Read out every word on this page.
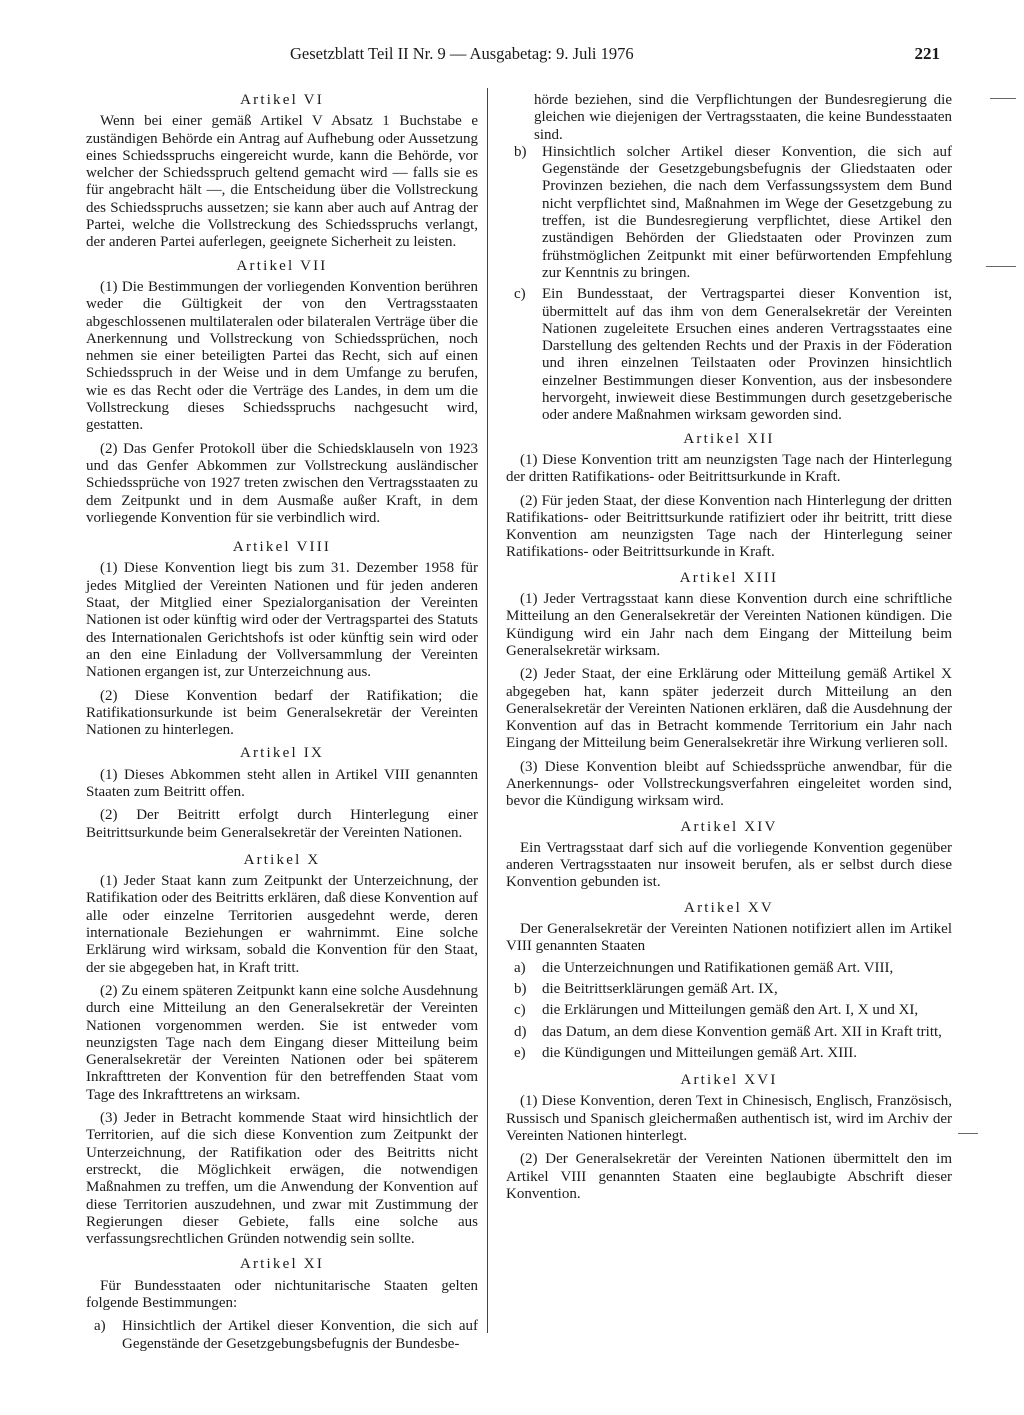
Gesetzblatt Teil II Nr. 9 — Ausgabetag: 9. Juli 1976	221
Artikel VI

Wenn bei einer gemäß Artikel V Absatz 1 Buchstabe e zuständigen Behörde ein Antrag auf Aufhebung oder Aussetzung eines Schiedsspruchs eingereicht wurde, kann die Behörde, vor welcher der Schiedsspruch geltend gemacht wird — falls sie es für angebracht hält —, die Entscheidung über die Vollstreckung des Schiedsspruchs aussetzen; sie kann aber auch auf Antrag der Partei, welche die Vollstreckung des Schiedsspruchs verlangt, der anderen Partei auferlegen, geeignete Sicherheit zu leisten.

Artikel VII

(1) Die Bestimmungen der vorliegenden Konvention berühren weder die Gültigkeit der von den Vertragsstaaten abgeschlossenen multilateralen oder bilateralen Verträge über die Anerkennung und Vollstreckung von Schiedssprüchen, noch nehmen sie einer beteiligten Partei das Recht, sich auf einen Schiedsspruch in der Weise und in dem Umfange zu berufen, wie es das Recht oder die Verträge des Landes, in dem um die Vollstreckung dieses Schiedsspruchs nachgesucht wird, gestatten.

(2) Das Genfer Protokoll über die Schiedsklauseln von 1923 und das Genfer Abkommen zur Vollstreckung ausländischer Schiedssprüche von 1927 treten zwischen den Vertragsstaaten zu dem Zeitpunkt und in dem Ausmaße außer Kraft, in dem vorliegende Konvention für sie verbindlich wird.

Artikel VIII

(1) Diese Konvention liegt bis zum 31. Dezember 1958 für jedes Mitglied der Vereinten Nationen und für jeden anderen Staat, der Mitglied einer Spezialorganisation der Vereinten Nationen ist oder künftig wird oder der Vertragspartei des Statuts des Internationalen Gerichtshofs ist oder künftig sein wird oder an den eine Einladung der Vollversammlung der Vereinten Nationen ergangen ist, zur Unterzeichnung aus.

(2) Diese Konvention bedarf der Ratifikation; die Ratifikationsurkunde ist beim Generalsekretär der Vereinten Nationen zu hinterlegen.

Artikel IX

(1) Dieses Abkommen steht allen in Artikel VIII genannten Staaten zum Beitritt offen.

(2) Der Beitritt erfolgt durch Hinterlegung einer Beitrittsurkunde beim Generalsekretär der Vereinten Nationen.

Artikel X

(1) Jeder Staat kann zum Zeitpunkt der Unterzeichnung, der Ratifikation oder des Beitritts erklären, daß diese Konvention auf alle oder einzelne Territorien ausgedehnt werde, deren internationale Beziehungen er wahrnimmt. Eine solche Erklärung wird wirksam, sobald die Konvention für den Staat, der sie abgegeben hat, in Kraft tritt.

(2) Zu einem späteren Zeitpunkt kann eine solche Ausdehnung durch eine Mitteilung an den Generalsekretär der Vereinten Nationen vorgenommen werden. Sie ist entweder vom neunzigsten Tage nach dem Eingang dieser Mitteilung beim Generalsekretär der Vereinten Nationen oder bei späterem Inkrafttreten der Konvention für den betreffenden Staat vom Tage des Inkrafttretens an wirksam.

(3) Jeder in Betracht kommende Staat wird hinsichtlich der Territorien, auf die sich diese Konvention zum Zeitpunkt der Unterzeichnung, der Ratifikation oder des Beitritts nicht erstreckt, die Möglichkeit erwägen, die notwendigen Maßnahmen zu treffen, um die Anwendung der Konvention auf diese Territorien auszudehnen, und zwar mit Zustimmung der Regierungen dieser Gebiete, falls eine solche aus verfassungsrechtlichen Gründen notwendig sein sollte.

Artikel XI

Für Bundesstaaten oder nichtunitarische Staaten gelten folgende Bestimmungen:

a)	Hinsichtlich der Artikel dieser Konvention, die sich auf Gegenstände der Gesetzgebungsbefugnis der Bundesbe-

hörde beziehen, sind die Verpflichtungen der Bundesregierung die gleichen wie diejenigen der Vertragsstaaten, die keine Bundesstaaten sind.

b)	Hinsichtlich solcher Artikel dieser Konvention, die sich auf Gegenstände der Gesetzgebungsbefugnis der Gliedstaaten oder Provinzen beziehen, die nach dem Verfassungssystem dem Bund nicht verpflichtet sind, Maßnahmen im Wege der Gesetzgebung zu treffen, ist die Bundesregierung verpflichtet, diese Artikel den zuständigen Behörden der Gliedstaaten oder Provinzen zum frühstmöglichen Zeitpunkt mit einer befürwortenden Empfehlung zur Kenntnis zu bringen.
c)	Ein Bundesstaat, der Vertragspartei dieser Konvention ist, übermittelt auf das ihm von dem Generalsekretär der Vereinten Nationen zugeleitete Ersuchen eines anderen Vertragsstaates eine Darstellung des geltenden Rechts und der Praxis in der Föderation und ihren einzelnen Teilstaaten oder Provinzen hinsichtlich einzelner Bestimmungen dieser Konvention, aus der insbesondere hervorgeht, inwieweit diese Bestimmungen durch gesetzgeberische oder andere Maßnahmen wirksam geworden sind.
Artikel XII

(1) Diese Konvention tritt am neunzigsten Tage nach der Hinterlegung der dritten Ratifikations- oder Beitrittsurkunde in Kraft.

(2) Für jeden Staat, der diese Konvention nach Hinterlegung der dritten Ratifikations- oder Beitrittsurkunde ratifiziert oder ihr beitritt, tritt diese Konvention am neunzigsten Tage nach der Hinterlegung seiner Ratifikations- oder Beitrittsurkunde in Kraft.

Artikel XIII

(1) Jeder Vertragsstaat kann diese Konvention durch eine schriftliche Mitteilung an den Generalsekretär der Vereinten Nationen kündigen. Die Kündigung wird ein Jahr nach dem Eingang der Mitteilung beim Generalsekretär wirksam.

(2) Jeder Staat, der eine Erklärung oder Mitteilung gemäß Artikel X abgegeben hat, kann später jederzeit durch Mitteilung an den Generalsekretär der Vereinten Nationen erklären, daß die Ausdehnung der Konvention auf das in Betracht kommende Territorium ein Jahr nach Eingang der Mitteilung beim Generalsekretär ihre Wirkung verlieren soll.

(3) Diese Konvention bleibt auf Schiedssprüche anwendbar, für die Anerkennungs- oder Vollstreckungsverfahren eingeleitet worden sind, bevor die Kündigung wirksam wird.

Artikel XIV

Ein Vertragsstaat darf sich auf die vorliegende Konvention gegenüber anderen Vertragsstaaten nur insoweit berufen, als er selbst durch diese Konvention gebunden ist.

Artikel XV

Der Generalsekretär der Vereinten Nationen notifiziert allen im Artikel VIII genannten Staaten

a)	die Unterzeichnungen und Ratifikationen gemäß Art. VIII,
b)	die Beitrittserklärungen gemäß Art. IX,
c)	die Erklärungen und Mitteilungen gemäß den Art. I, X und XI,
d)	das Datum, an dem diese Konvention gemäß Art. XII in Kraft tritt,
e)	die Kündigungen und Mitteilungen gemäß Art. XIII.
Artikel XVI

(1) Diese Konvention, deren Text in Chinesisch, Englisch, Französisch, Russisch und Spanisch gleichermaßen authentisch ist, wird im Archiv der Vereinten Nationen hinterlegt.

(2) Der Generalsekretär der Vereinten Nationen übermittelt den im Artikel VIII genannten Staaten eine beglaubigte Abschrift dieser Konvention.
